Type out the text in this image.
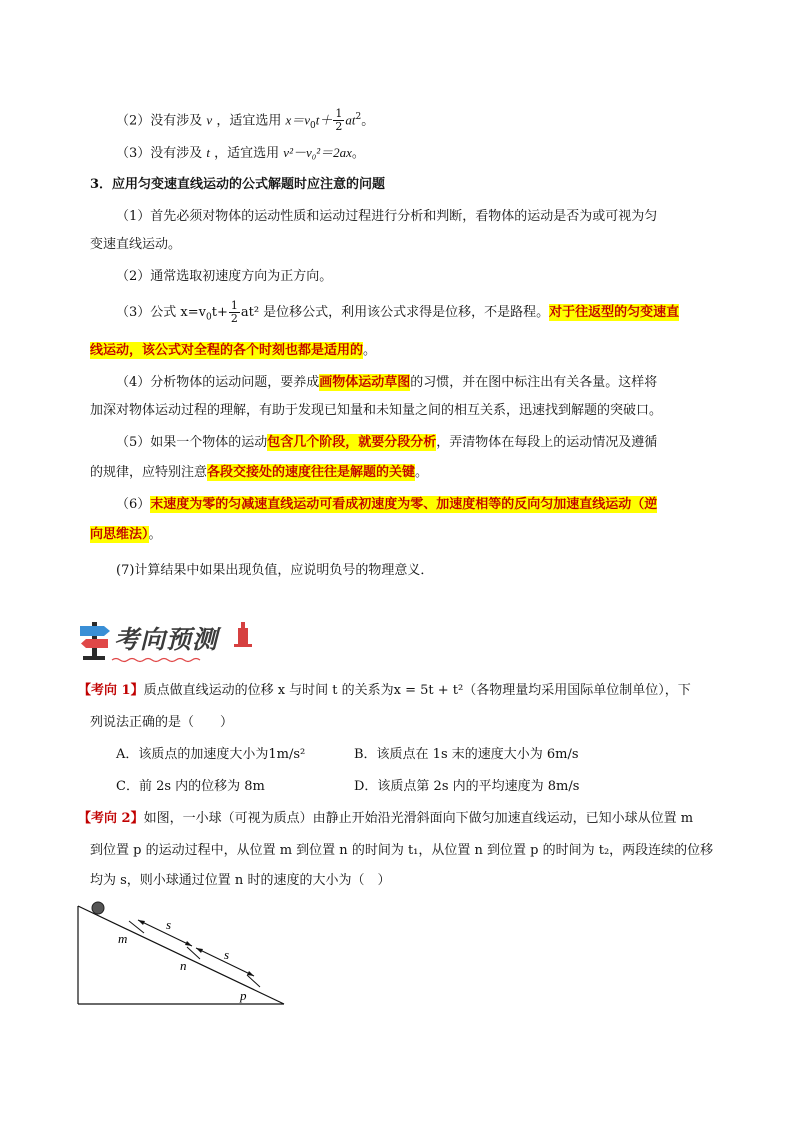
（2）没有涉及 v ，适宜选用 $x=v_0t+ \frac{1}{2} at^2$。
（3）没有涉及 t ，适宜选用 v²－v₀²＝2ax。
3．应用匀变速直线运动的公式解题时应注意的问题
（1）首先必须对物体的运动性质和运动过程进行分析和判断，看物体的运动是否为或可视为匀
变速直线运动。
（2）通常选取初速度方向为正方向。
（3）公式 $x=v_0t+ \frac{1}{2} at^2$ 是位移公式，利用该公式求得是位移，不是路程。对于往返型的匀变速直
线运动，该公式对全程的各个时刻也都是适用的。
（4）分析物体的运动问题，要养成画物体运动草图的习惯，并在图中标注出有关各量。这样将
加深对物体运动过程的理解，有助于发现已知量和未知量之间的相互关系，迅速找到解题的突破口。
（5）如果一个物体的运动包含几个阶段，就要分段分析，弄清物体在每段上的运动情况及遵循
的规律，应特别注意各段交接处的速度往往是解题的关键。
（6）末速度为零的匀减速直线运动可看成初速度为零、加速度相等的反向匀加速直线运动（逆
向思维法）。
(7)计算结果中如果出现负值，应说明负号的物理意义．
考向预测
【考向 1】质点做直线运动的位移 x 与时间 t 的关系为x = 5t + t²（各物理量均采用国际单位制单位），下
列说法正确的是（　　）
A．该质点的加速度大小为1m/s²	B．该质点在 1s 末的速度大小为 6m/s
C．前 2s 内的位移为 8m	D．该质点第 2s 内的平均速度为 8m/s
【考向 2】如图，一小球（可视为质点）由静止开始沿光滑斜面向下做匀加速直线运动，已知小球从位置 m
到位置 p 的运动过程中，从位置 m 到位置 n 的时间为 t₁，从位置 n 到位置 p 的时间为 t₂，两段连续的位移
均为 s，则小球通过位置 n 时的速度的大小为（　）
s
s
m
n
p
